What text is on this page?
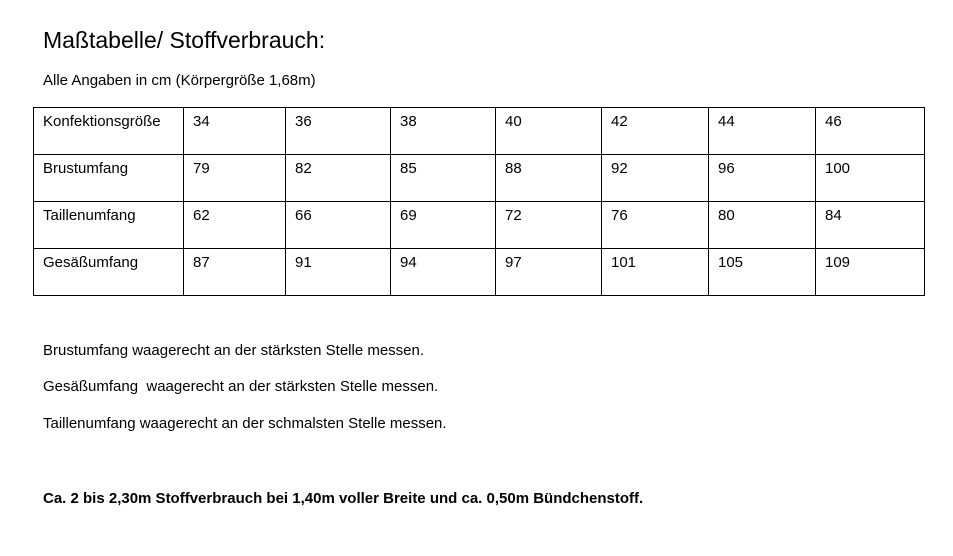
Maßtabelle/ Stoffverbrauch:
Alle Angaben in cm (Körpergröße 1,68m)
Konfektionsgröße	34	36	38	40	42	44	46
Brustumfang	79	82	85	88	92	96	100
Taillenumfang	62	66	69	72	76	80	84
Gesäßumfang	87	91	94	97	101	105	109
Brustumfang waagerecht an der stärksten Stelle messen.
Gesäßumfang  waagerecht an der stärksten Stelle messen.
Taillenumfang waagerecht an der schmalsten Stelle messen.
Ca. 2 bis 2,30m Stoffverbrauch bei 1,40m voller Breite und ca. 0,50m Bündchenstoff.
